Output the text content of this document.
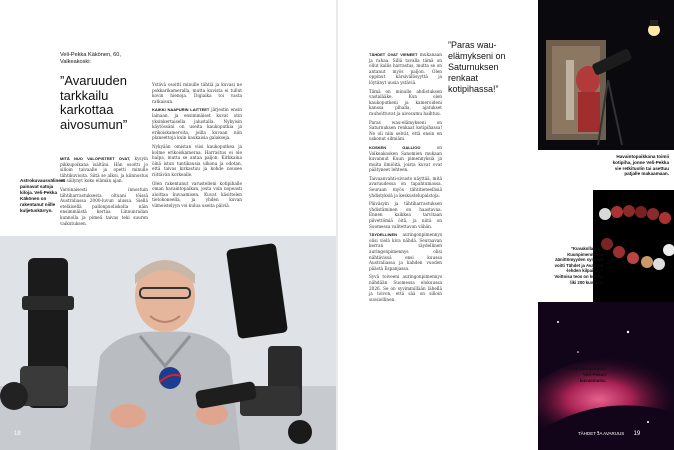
Veli-Pekka Käkönen, 60, Valkeakoski:
”Avaruuden tarkkailu karkottaa aivosumun”

MITÄ NUO VALOPISTEET OVAT, kysyin pikkupoikana isältäni. Hän osoitti jo silloin taivaalle ja opetti minulle tähtikuvioita. Siitä se alkoi, ja kiinnostus on säilynyt koko elämän ajan.

Varsinaisesti innostuin tähtiharrastuksesta oltuani töissä Australiassa 2000-luvun alussa. Siellä eteläisellä pallonpuoliskolla näin ensimmäistä kertaa Linnunradan kunnolla ja pimeä taivas teki suuren vaikutuksen.

Ystävä osoitti minulle tähtiä ja kuvasi ne pokkarikameralla, mutta kuvista ei tullut kovin hienoja. Digiaika toi vasta ratkaisun.

KAIKKI NAAPURIN LAITTEET järjestin ensin lainaan, ja ensimmäiset kuvat otin yksinkertaisella jalustalla. Nykyisin käytössäni on useita kaukoputkia ja erikoiskameroita, joilla kuvaan niin planeettoja kuin kaukaisia galakseja.

Nykyään omistan viisi kaukoputkea ja kolme erikoiskameraa. Harrastus ei ole halpa, mutta se antaa paljon. Kirkkaina öinä istun tuntikausia ulkona ja odotan, että taivas kirkastuu ja kohde nousee riittävän korkealle.

Olen rakentanut varustelleni kotipihalle oman havaintopaikan, josta voin nopeasti aloittaa kuvaamisen. Kuvat käsittelen tietokoneella, ja yhden kuvan viimeistelyyn voi kulua useita päiviä.

Astrokuvausvälineet painavat satoja kiloja. Veli-Pekka Käkönen on rakentanut niille kuljetuskärryn.
18

TÄHDET OVAT VIENEET mukanaan ja rahaa. Sillä tavalla tämä on ollut kallis harrastus, mutta se on antanut myös paljon. Olen oppinut kärsivällisyyttä ja löytänyt uusia ystäviä.

Tämä on minulle ahdistuksen vastalääke. Kun olen kaukoputkeni ja kameroideni kanssa pihalla, ajatukset rauhoittuvat ja aivosumu haihtuu.

Paras wau-elämykseni on Saturnuksen renkaat kotipihassa! Ne oli niin selvät, että ensin en uskonut silmiäni.

KOSKEN GALLIOO	on Valkeakosken Sanomien mukaan kuvannut Kuun pimennyksiä ja muita ilmiöitä, joista kuvat ovat päätyneet lehteen.

Taivaanvahti-sivusto näyttää, mitä avaruudessa on tapahtumassa. Seuraan myös tähtitieteellisiä yhdistyksiä ja keskustelupalstoja.

Päiväsyin ja tähtiharrastuksen yhdistäminen on haastavaa. Ennen kaikkea tarvitaan pilvettömiä öitä, ja niitä on Suomessa valitettavan vähän.

TÄYDELLINEN auringonpimennys olisi vielä kiva nähdä. Seuraavan kerran täydellinen auringonpimennys olisi nähtävissä ensi kuussa Australiassa ja kahden vuoden päästä Espanjassa.

Syvä toiveeni auringonpimennys nähdään Suomessa elokuussa 2026. Se on syvimmillään lähellä ja toivon, että sää on silloin suosiollinen.

”Paras wau-elämykseni on Saturnuksen renkaat kotipihassa!”
Havaintopaikkana toimii kotipiha, jonne Veli-Pekka vie retkituolin tai asettuu patjalle makaamaan.
”Kuvakollaasini Kuunpimennys ja äänittömyyden symboli voitti Tähdet ja Avaruus -lehden kilpailun.” Voittoisa teos on koottu liki 200 kuvasta.
Kaliforniasumua Veli-Pekan kuvaamana.
TÄHDET JA AVARUUS 19
